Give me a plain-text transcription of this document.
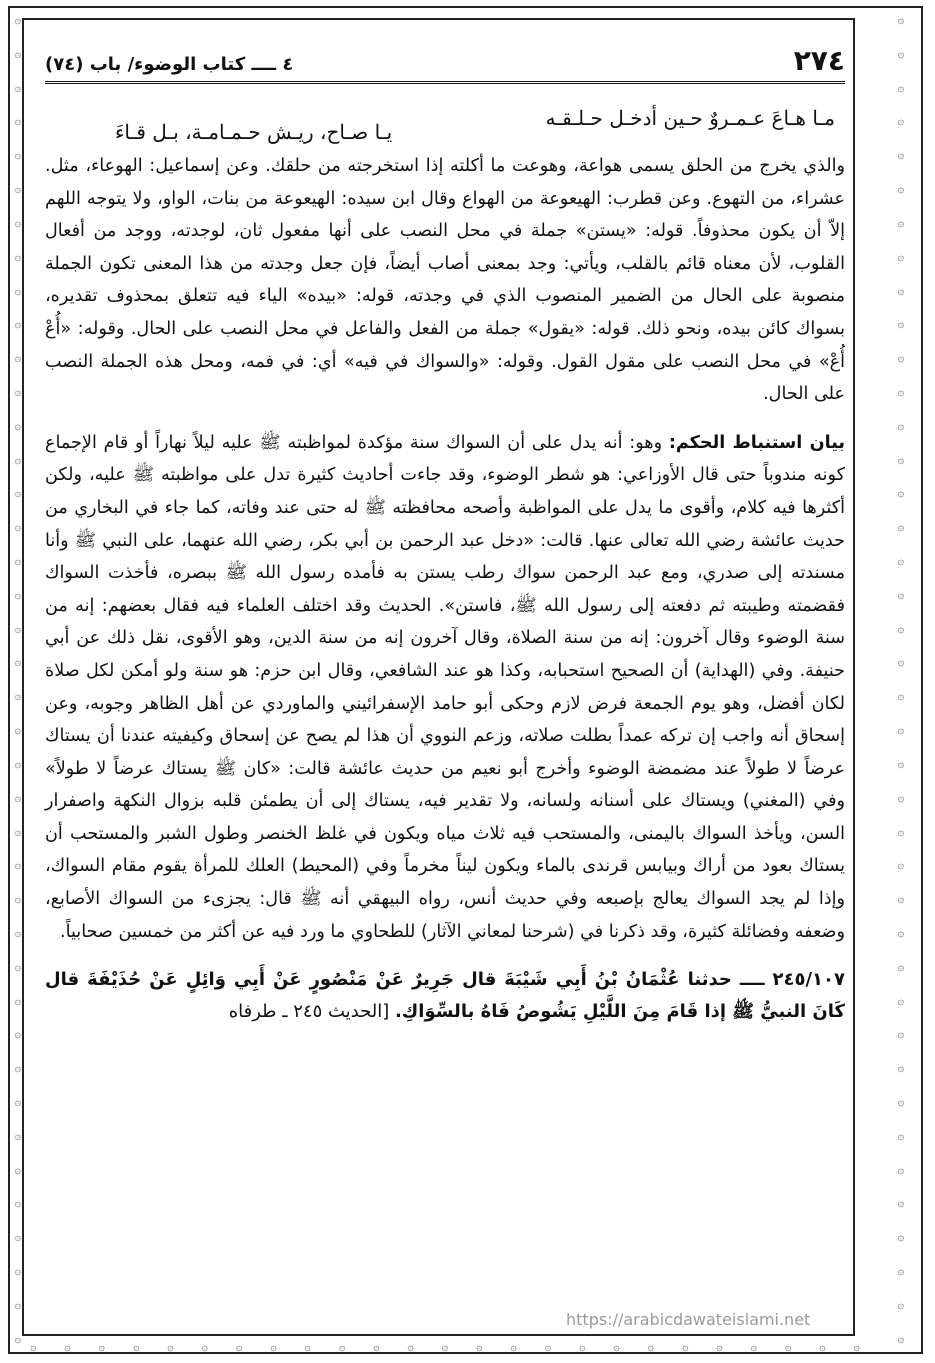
۞
۞
۞
۞
۞
۞
۞
۞
۞
۞
۞
۞
۞
۞
۞
۞
۞
۞
۞
۞
۞
۞
۞
۞
۞
۞
۞
۞
۞
۞
۞
۞
۞
۞
۞
۞
۞
۞
۞
۞
۞
۞
۞
۞
۞
۞
۞
۞
۞
۞
۞
۞
۞
۞
۞
۞
۞
۞
۞
۞
۞
۞
۞
۞
۞
۞
۞
۞
۞
۞
۞
۞
۞
۞
۞
۞
۞
۞
۞
۞
۞	۞	۞	۞	۞	۞	۞	۞	۞	۞	۞	۞	۞	۞	۞	۞	۞	۞	۞	۞	۞	۞	۞	۞	۞
٢٧٤
٤ ــــ كتاب الوضوء/ باب (٧٤)
مـا هـاعَ عـمـروٌ حـين أدخـل حـلـقـه
يـا صـاح، ريـش حـمـامـة، بـل قـاءَ

والذي يخرج من الحلق يسمى هواعة، وهوعت ما أكلته إذا استخرجته من حلقك. وعن إسماعيل: الهوعاء، مثل. عشراء، من التهوع. وعن قطرب: الهيعوعة من الهواع وقال ابن سيده: الهيعوعة من بنات، الواو، ولا يتوجه اللهم إلاّ أن يكون محذوفاً. قوله: «يستن» جملة في محل النصب على أنها مفعول ثان، لوجدته، ووجد من أفعال القلوب، لأن معناه قائم بالقلب، ويأتي: وجد بمعنى أصاب أيضاً، فإن جعل وجدته من هذا المعنى تكون الجملة منصوبة على الحال من الضمير المنصوب الذي في وجدته، قوله: «بيده» الياء فيه تتعلق بمحذوف تقديره، بسواك كائن بيده، ونحو ذلك. قوله: «يقول» جملة من الفعل والفاعل في محل النصب على الحال. وقوله: «أُعْ أُعْ» في محل النصب على مقول القول. وقوله: «والسواك في فيه» أي: في فمه، ومحل هذه الجملة النصب على الحال.

بيان استنباط الحكم: وهو: أنه يدل على أن السواك سنة مؤكدة لمواظبته ﷺ عليه ليلاً نهاراً أو قام الإجماع كونه مندوباً حتى قال الأوزاعي: هو شطر الوضوء، وقد جاءت أحاديث كثيرة تدل على مواظبته ﷺ عليه، ولكن أكثرها فيه كلام، وأقوى ما يدل على المواظبة وأصحه محافظته ﷺ له حتى عند وفاته، كما جاء في البخاري من حديث عائشة رضي الله تعالى عنها. قالت: «دخل عبد الرحمن بن أبي بكر، رضي الله عنهما، على النبي ﷺ وأنا مسندته إلى صدري، ومع عبد الرحمن سواك رطب يستن به فأمده رسول الله ﷺ ببصره، فأخذت السواك فقضمته وطيبته ثم دفعته إلى رسول الله ﷺ، فاستن». الحديث وقد اختلف العلماء فيه فقال بعضهم: إنه من سنة الوضوء وقال آخرون: إنه من سنة الصلاة، وقال آخرون إنه من سنة الدين، وهو الأقوى، نقل ذلك عن أبي حنيفة. وفي (الهداية) أن الصحيح استحبابه، وكذا هو عند الشافعي، وقال ابن حزم: هو سنة ولو أمكن لكل صلاة لكان أفضل، وهو يوم الجمعة فرض لازم وحكى أبو حامد الإسفرائيني والماوردي عن أهل الظاهر وجوبه، وعن إسحاق أنه واجب إن تركه عمداً بطلت صلاته، وزعم النووي أن هذا لم يصح عن إسحاق وكيفيته عندنا أن يستاك عرضاً لا طولاً عند مضمضة الوضوء وأخرج أبو نعيم من حديث عائشة قالت: «كان ﷺ يستاك عرضاً لا طولاً» وفي (المغني) ويستاك على أسنانه ولسانه، ولا تقدير فيه، يستاك إلى أن يطمئن قلبه بزوال النكهة واصفرار السن، ويأخذ السواك باليمنى، والمستحب فيه ثلاث مياه ويكون في غلظ الخنصر وطول الشبر والمستحب أن يستاك بعود من أراك وبيابس قرندى بالماء ويكون ليناً مخرماً وفي (المحيط) العلك للمرأة يقوم مقام السواك، وإذا لم يجد السواك يعالج بإصبعه وفي حديث أنس، رواه البيهقي أنه ﷺ قال: يجزىء من السواك الأصابع، وضعفه وفضائلة كثيرة، وقد ذكرنا في (شرحنا لمعاني الآثار) للطحاوي ما ورد فيه عن أكثر من خمسين صحابياً.

٢٤٥/١٠٧ ــــ حدثنا عُثْمَانُ بْنُ أَبِي شَيْبَةَ قال جَرِيرٌ عَنْ مَنْصُورٍ عَنْ أَبِي وَائِلٍ عَنْ حُذَيْفَةَ قال كَانَ النبيُّ ﷺ إذا قَامَ مِنَ اللَّيْلِ يَشُوصُ فَاهُ بالسِّوَاكِ. [الحديث ٢٤٥ ـ طرفاه
https://arabicdawateislami.net
